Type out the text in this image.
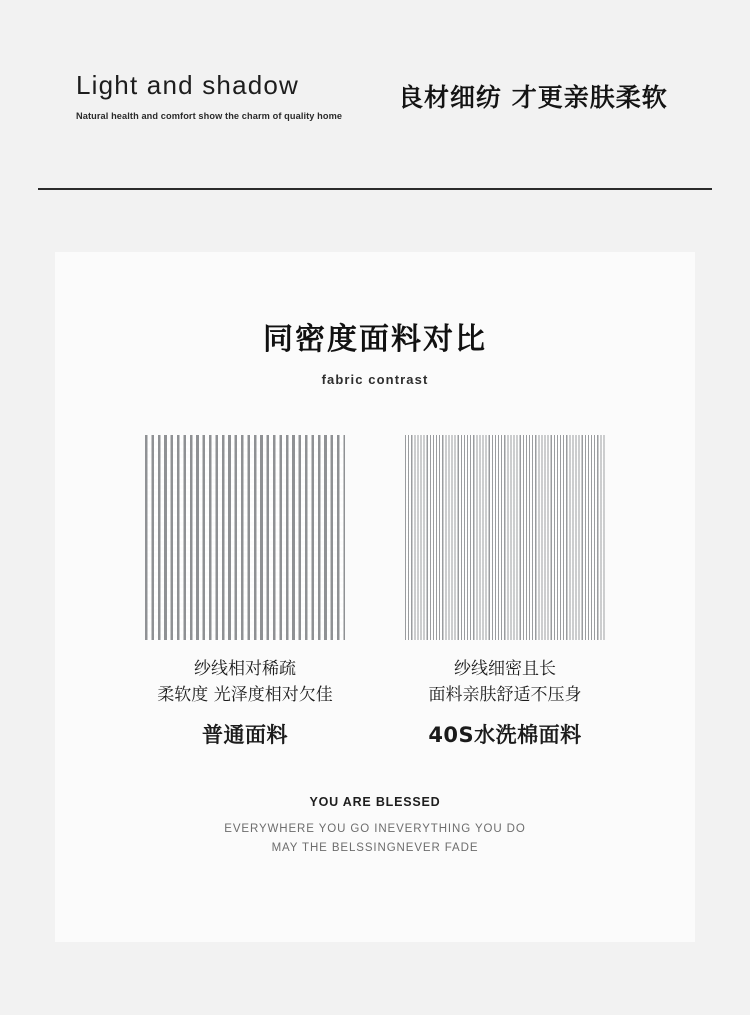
Light and shadow
Natural health and comfort show the charm of quality home
良材细纺 才更亲肤柔软
同密度面料对比
fabric contrast
纱线相对稀疏
柔软度 光泽度相对欠佳
普通面料
纱线细密且长
面料亲肤舒适不压身
40S水洗棉面料
YOU ARE BLESSED
EVERYWHERE YOU GO INEVERYTHING YOU DO
MAY THE BELSSINGNEVER FADE
